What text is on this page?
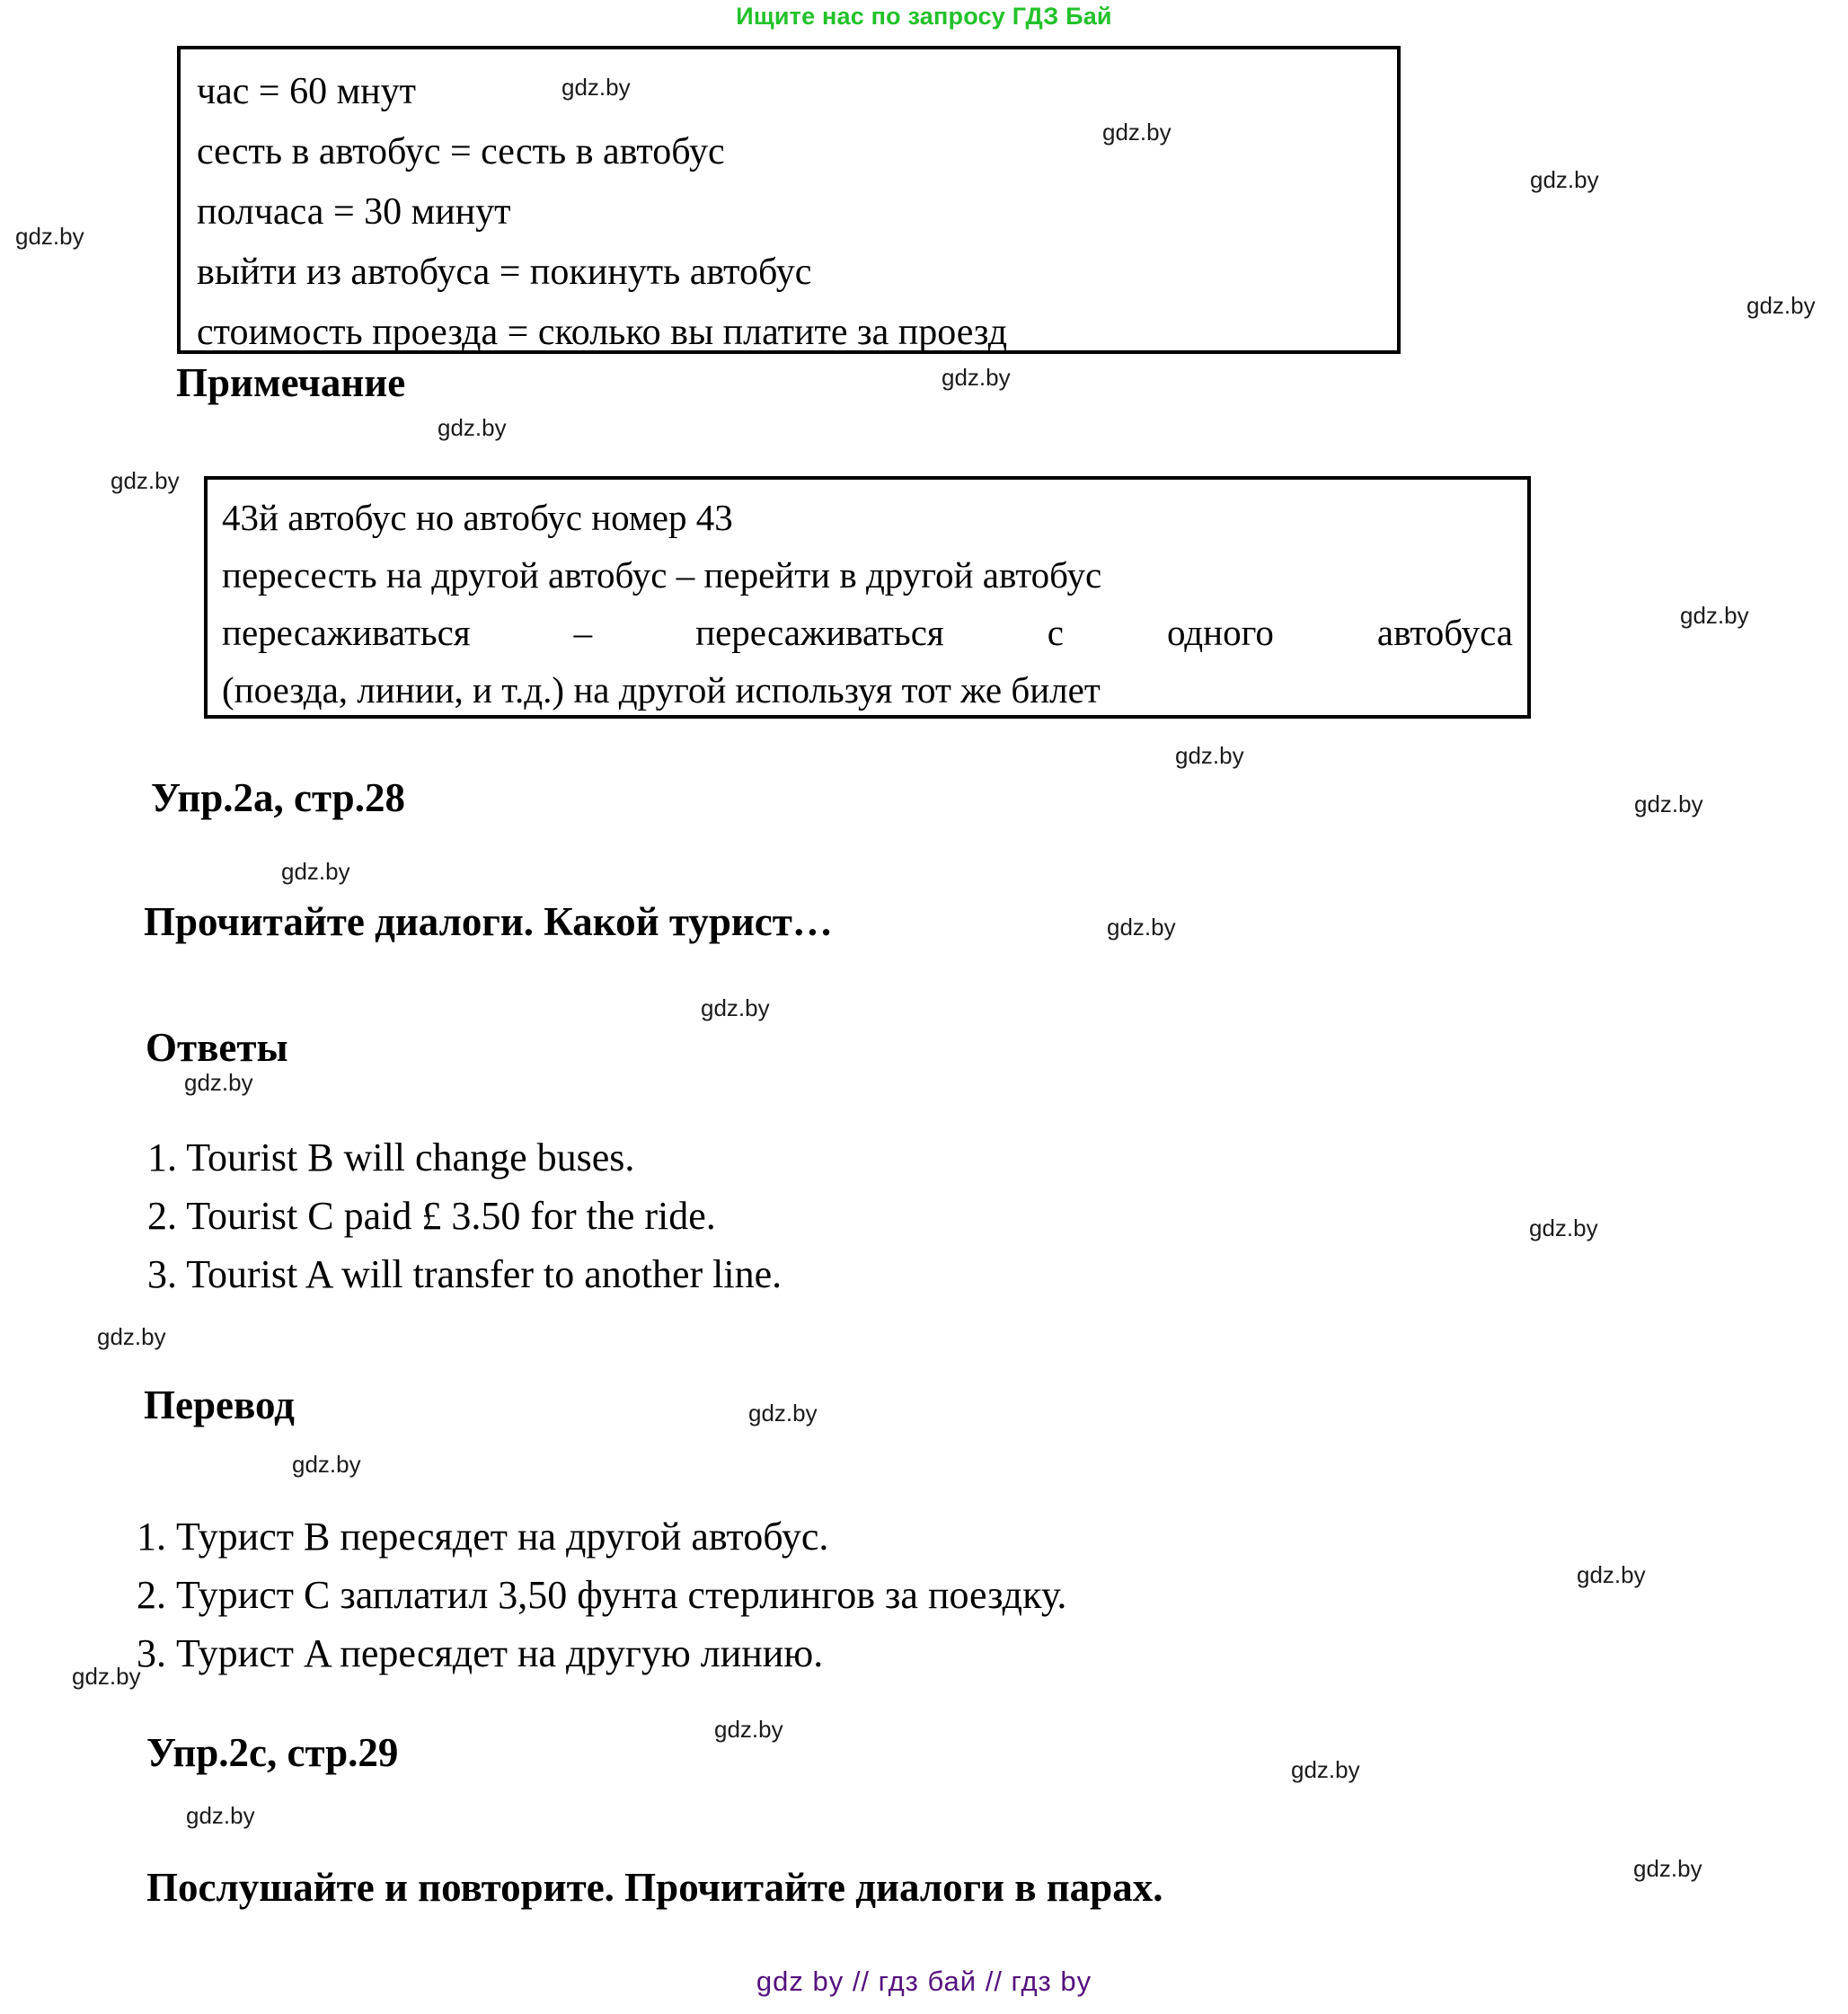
Ищите нас по запросу ГДЗ Бай
час = 60 мнут
сесть в автобус = сесть в автобус
полчаса = 30 минут
выйти из автобуса = покинуть автобус
стоимость проезда = сколько вы платите за проезд
Примечание
43й автобус но автобус номер 43
пересесть на другой автобус – перейти в другой автобус
пересаживаться – пересаживаться с одного автобуса
(поезда, линии, и т.д.) на другой используя тот же билет
Упр.2a, стр.28
Прочитайте диалоги. Какой турист…
Ответы
1. Tourist B will change buses.
2. Tourist C paid £ 3.50 for the ride.
3. Tourist A will transfer to another line.
Перевод
1. Турист B пересядет на другой автобус.
2. Турист C заплатил 3,50 фунта стерлингов за поездку.
3. Турист A пересядет на другую линию.
Упр.2c, стр.29
Послушайте и повторите. Прочитайте диалоги в парах.
gdz.by
gdz.by
gdz.by
gdz.by
gdz.by
gdz.by
gdz.by
gdz.by
gdz.by
gdz.by
gdz.by
gdz.by
gdz.by
gdz.by
gdz.by
gdz.by
gdz.by
gdz.by
gdz.by
gdz.by
gdz.by
gdz.by
gdz.by
gdz.by
gdz.by
gdz by // гдз бай // гдз by
